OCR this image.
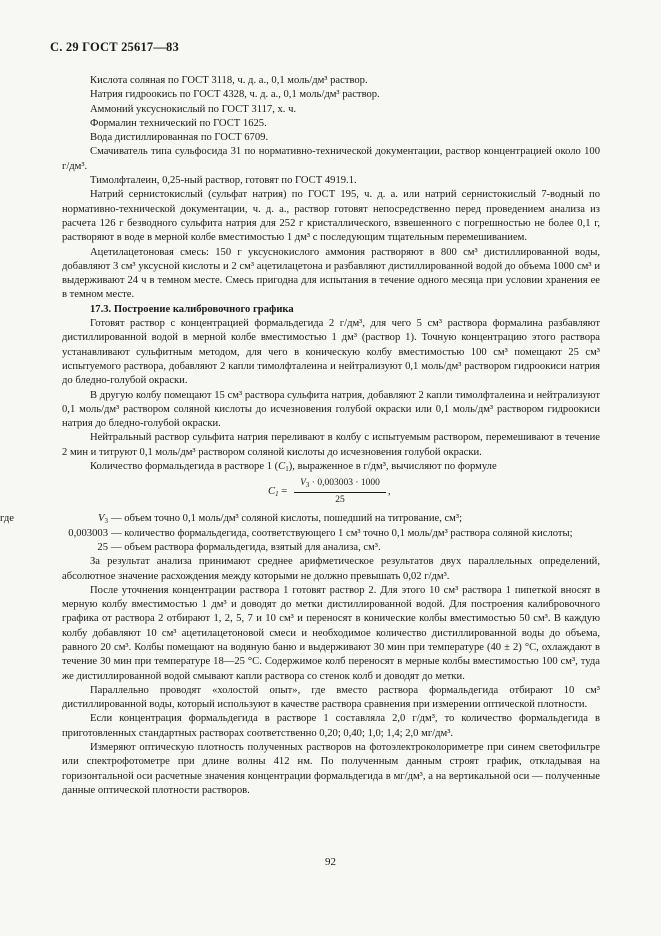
С. 29 ГОСТ 25617—83

Кислота соляная по ГОСТ 3118, ч. д. а., 0,1 моль/дм³ раствор.

Натрия гидроокись по ГОСТ 4328, ч. д. а., 0,1 моль/дм³ раствор.

Аммоний уксуснокислый по ГОСТ 3117, х. ч.

Формалин технический по ГОСТ 1625.

Вода дистиллированная по ГОСТ 6709.

Смачиватель типа сульфосида 31 по нормативно-технической документации, раствор концентрацией около 100 г/дм³.

Тимолфталеин, 0,25-ный раствор, готовят по ГОСТ 4919.1.

Натрий сернистокислый (сульфат натрия) по ГОСТ 195, ч. д. а. или натрий сернистокислый 7-водный по нормативно-технической документации, ч. д. а., раствор готовят непосредственно перед проведением анализа из расчета 126 г безводного сульфита натрия для 252 г кристаллического, взвешенного с погрешностью не более 0,1 г, растворяют в воде в мерной колбе вместимостью 1 дм³ с последующим тщательным перемешиванием.

Ацетилацетоновая смесь: 150 г уксуснокислого аммония растворяют в 800 см³ дистиллированной воды, добавляют 3 см³ уксусной кислоты и 2 см³ ацетилацетона и разбавляют дистиллированной водой до объема 1000 см³ и выдерживают 24 ч в темном месте. Смесь пригодна для испытания в течение одного месяца при условии хранения ее в темном месте.

17.3. Построение калибровочного графика

Готовят раствор с концентрацией формальдегида 2 г/дм³, для чего 5 см³ раствора формалина разбавляют дистиллированной водой в мерной колбе вместимостью 1 дм³ (раствор 1). Точную концентрацию этого раствора устанавливают сульфитным методом, для чего в коническую колбу вместимостью 100 см³ помещают 25 см³ испытуемого раствора, добавляют 2 капли тимолфталеина и нейтрализуют 0,1 моль/дм³ раствором гидроокиси натрия до бледно-голубой окраски.

В другую колбу помещают 15 см³ раствора сульфита натрия, добавляют 2 капли тимолфталеина и нейтрализуют 0,1 моль/дм³ раствором соляной кислоты до исчезновения голубой окраски или 0,1 моль/дм³ раствором гидроокиси натрия до бледно-голубой окраски.

Нейтральный раствор сульфита натрия переливают в колбу с испытуемым раствором, перемешивают в течение 2 мин и титруют 0,1 моль/дм³ раствором соляной кислоты до исчезновения голубой окраски.

Количество формальдегида в растворе 1 $(C_1)$, выраженное в г/дм³, вычисляют по формуле

$C_1 = \frac{V_3 \cdot 0,003003 \cdot 1000}{25}$ ,
где	$V_3$ — объем точно 0,1 моль/дм³ соляной кислоты, пошедший на титрование, см³;
0,003003 — количество формальдегида, соответствующего 1 см³ точно 0,1 моль/дм³ раствора соляной кислоты;
25 — объем раствора формальдегида, взятый для анализа, см³.

За результат анализа принимают среднее арифметическое результатов двух параллельных определений, абсолютное значение расхождения между которыми не должно превышать 0,02 г/дм³.

После уточнения концентрации раствора 1 готовят раствор 2. Для этого 10 см³ раствора 1 пипеткой вносят в мерную колбу вместимостью 1 дм³ и доводят до метки дистиллированной водой. Для построения калибровочного графика от раствора 2 отбирают 1, 2, 5, 7 и 10 см³ и переносят в конические колбы вместимостью 50 см³. В каждую колбу добавляют 10 см³ ацетилацетоновой смеси и необходимое количество дистиллированной воды до объема, равного 20 см³. Колбы помещают на водяную баню и выдерживают 30 мин при температуре (40 ± 2) °С, охлаждают в течение 30 мин при температуре 18—25 °С. Содержимое колб переносят в мерные колбы вместимостью 100 см³, туда же дистиллированной водой смывают капли раствора со стенок колб и доводят до метки.

Параллельно проводят «холостой опыт», где вместо раствора формальдегида отбирают 10 см³ дистиллированной воды, который используют в качестве раствора сравнения при измерении оптической плотности.

Если концентрация формальдегида в растворе 1 составляла 2,0 г/дм³, то количество формальдегида в приготовленных стандартных растворах соответственно 0,20; 0,40; 1,0; 1,4; 2,0 мг/дм³.

Измеряют оптическую плотность полученных растворов на фотоэлектроколориметре при синем светофильтре или спектрофотометре при длине волны 412 нм. По полученным данным строят график, откладывая на горизонтальной оси расчетные значения концентрации формальдегида в мг/дм³, а на вертикальной оси — полученные данные оптической плотности растворов.

92
